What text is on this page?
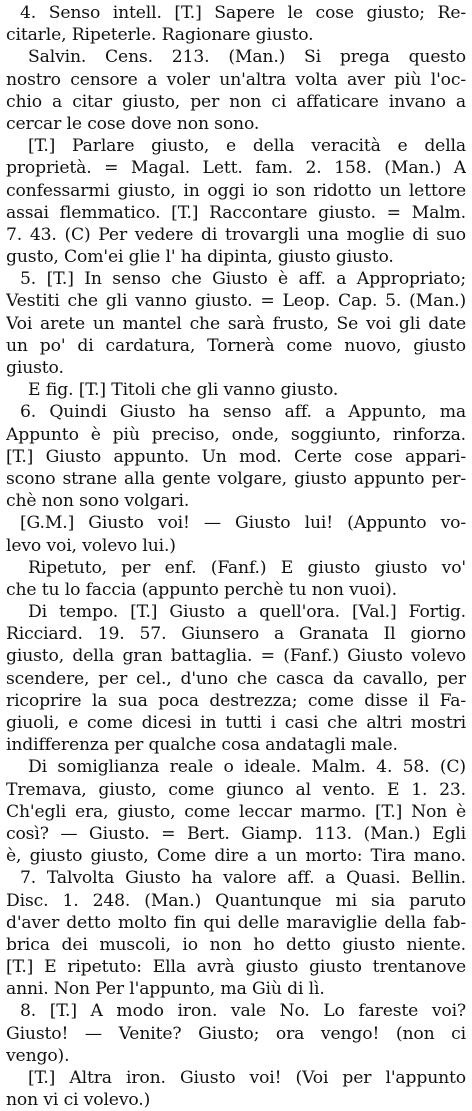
4. Senso intell. [T.] Sapere le cose giusto; Re-
citarle, Ripeterle. Ragionare giusto.
Salvin. Cens. 213. (Man.) Si prega questo
nostro censore a voler un'altra volta aver più l'oc-
chio a citar giusto, per non ci affaticare invano a
cercar le cose dove non sono.
[T.] Parlare giusto, e della veracità e della
proprietà. = Magal. Lett. fam. 2. 158. (Man.) A
confessarmi giusto, in oggi io son ridotto un lettore
assai flemmatico. [T.] Raccontare giusto. = Malm.
7. 43. (C) Per vedere di trovargli una moglie di suo
gusto, Com'ei glie l' ha dipinta, giusto giusto.
5. [T.] In senso che Giusto è aff. a Appropriato;
Vestiti che gli vanno giusto. = Leop. Cap. 5. (Man.)
Voi arete un mantel che sarà frusto, Se voi gli date
un po' di cardatura, Tornerà come nuovo, giusto
giusto.
E fig. [T.] Titoli che gli vanno giusto.
6. Quindi Giusto ha senso aff. a Appunto, ma
Appunto è più preciso, onde, soggiunto, rinforza.
[T.] Giusto appunto. Un mod. Certe cose appari-
scono strane alla gente volgare, giusto appunto per-
chè non sono volgari.
[G.M.] Giusto voi! — Giusto lui! (Appunto vo-
levo voi, volevo lui.)
Ripetuto, per enf. (Fanf.) E giusto giusto vo'
che tu lo faccia (appunto perchè tu non vuoi).
Di tempo. [T.] Giusto a quell'ora. [Val.] Fortig.
Ricciard. 19. 57. Giunsero a Granata Il giorno
giusto, della gran battaglia. = (Fanf.) Giusto volevo
scendere, per cel., d'uno che casca da cavallo, per
ricoprire la sua poca destrezza; come disse il Fa-
giuoli, e come dicesi in tutti i casi che altri mostri
indifferenza per qualche cosa andatagli male.
Di somiglianza reale o ideale. Malm. 4. 58. (C)
Tremava, giusto, come giunco al vento. E 1. 23.
Ch'egli era, giusto, come leccar marmo. [T.] Non è
così? — Giusto. = Bert. Giamp. 113. (Man.) Egli
è, giusto giusto, Come dire a un morto: Tira mano.
7. Talvolta Giusto ha valore aff. a Quasi. Bellin.
Disc. 1. 248. (Man.) Quantunque mi sia paruto
d'aver detto molto fin qui delle maraviglie della fab-
brica dei muscoli, io non ho detto giusto niente.
[T.] E ripetuto: Ella avrà giusto giusto trentanove
anni. Non Per l'appunto, ma Giù di lì.
8. [T.] A modo iron. vale No. Lo fareste voi?
Giusto! — Venite? Giusto; ora vengo! (non ci
vengo).
[T.] Altra iron. Giusto voi! (Voi per l'appunto
non vi ci volevo.)
